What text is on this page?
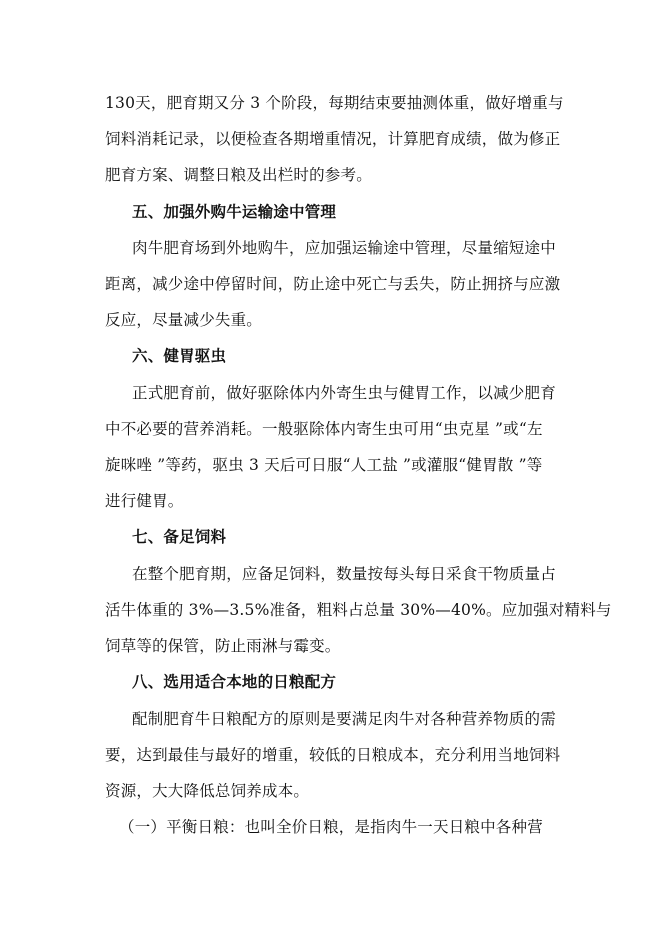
130天，肥育期又分 3 个阶段，每期结束要抽测体重，做好增重与
饲料消耗记录，以便检查各期增重情况，计算肥育成绩，做为修正
肥育方案、调整日粮及出栏时的参考。
五、加强外购牛运输途中管理
肉牛肥育场到外地购牛，应加强运输途中管理，尽量缩短途中
距离，减少途中停留时间，防止途中死亡与丢失，防止拥挤与应激
反应，尽量减少失重。
六、健胃驱虫
正式肥育前，做好驱除体内外寄生虫与健胃工作，以减少肥育
中不必要的营养消耗。一般驱除体内寄生虫可用“虫克星 ”或“左
旋咪唑 ”等药，驱虫 3 天后可日服“人工盐 ”或灌服“健胃散 ”等
进行健胃。
七、备足饲料
在整个肥育期，应备足饲料，数量按每头每日采食干物质量占
活牛体重的 3%—3.5%准备，粗料占总量 30%—40%。应加强对精料与
饲草等的保管，防止雨淋与霉变。
八、选用适合本地的日粮配方
配制肥育牛日粮配方的原则是要满足肉牛对各种营养物质的需
要，达到最佳与最好的增重，较低的日粮成本，充分利用当地饲料
资源，大大降低总饲养成本。
（一）平衡日粮：也叫全价日粮，是指肉牛一天日粮中各种营
